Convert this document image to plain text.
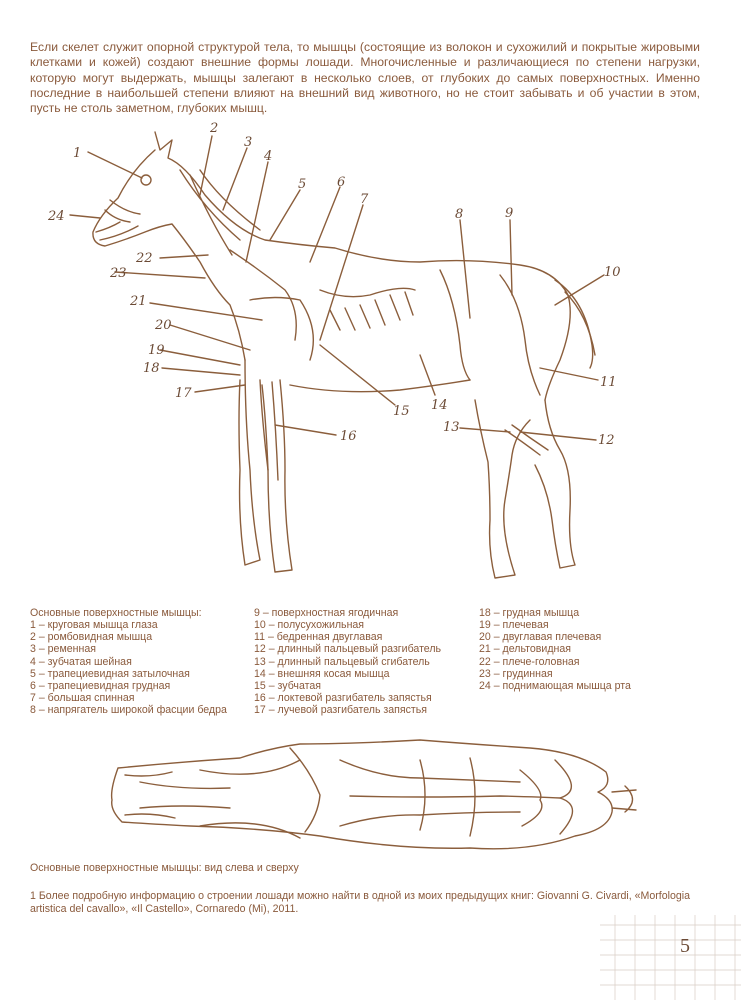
Если скелет служит опорной структурой тела, то мышцы (состоящие из волокон и сухожилий и покрытые жировыми клетками и кожей) создают внешние формы лошади. Многочисленные и различающиеся по степени нагрузки, которую могут выдержать, мышцы залегают в несколько слоев, от глубоких до самых поверхностных. Именно последние в наибольшей степени влияют на внешний вид животного, но не стоит забывать и об участии в этом, пусть не столь заметном, глубоких мышц.

1
2
3
4
5 6
7
8	9
10
11
12
13
14
15
16
17
18
19
20
21
22
23
24
Основные поверхностные мышцы:
1 – круговая мышца глаза
2 – ромбовидная мышца
3 – ременная
4 – зубчатая шейная
5 – трапециевидная затылочная
6 – трапециевидная грудная
7 – большая спинная
8 – напрягатель широкой фасции бедра
9 – поверхностная ягодичная
10 – полусухожильная
11 – бедренная двуглавая
12 – длинный пальцевый разгибатель
13 – длинный пальцевый сгибатель
14 – внешняя косая мышца
15 – зубчатая
16 – локтевой разгибатель запястья
17 – лучевой разгибатель запястья
18 – грудная мышца
19 – плечевая
20 – двуглавая плечевая
21 – дельтовидная
22 – плече-головная
23 – грудинная
24 – поднимающая мышца рта

Основные поверхностные мышцы: вид слева и сверху

1 Более подробную информацию о строении лошади можно найти в одной из моих предыдущих книг: Giovanni G. Civardi, «Morfologia artistica del cavallo», «Il Castello», Cornaredo (Mi), 2011.

5
